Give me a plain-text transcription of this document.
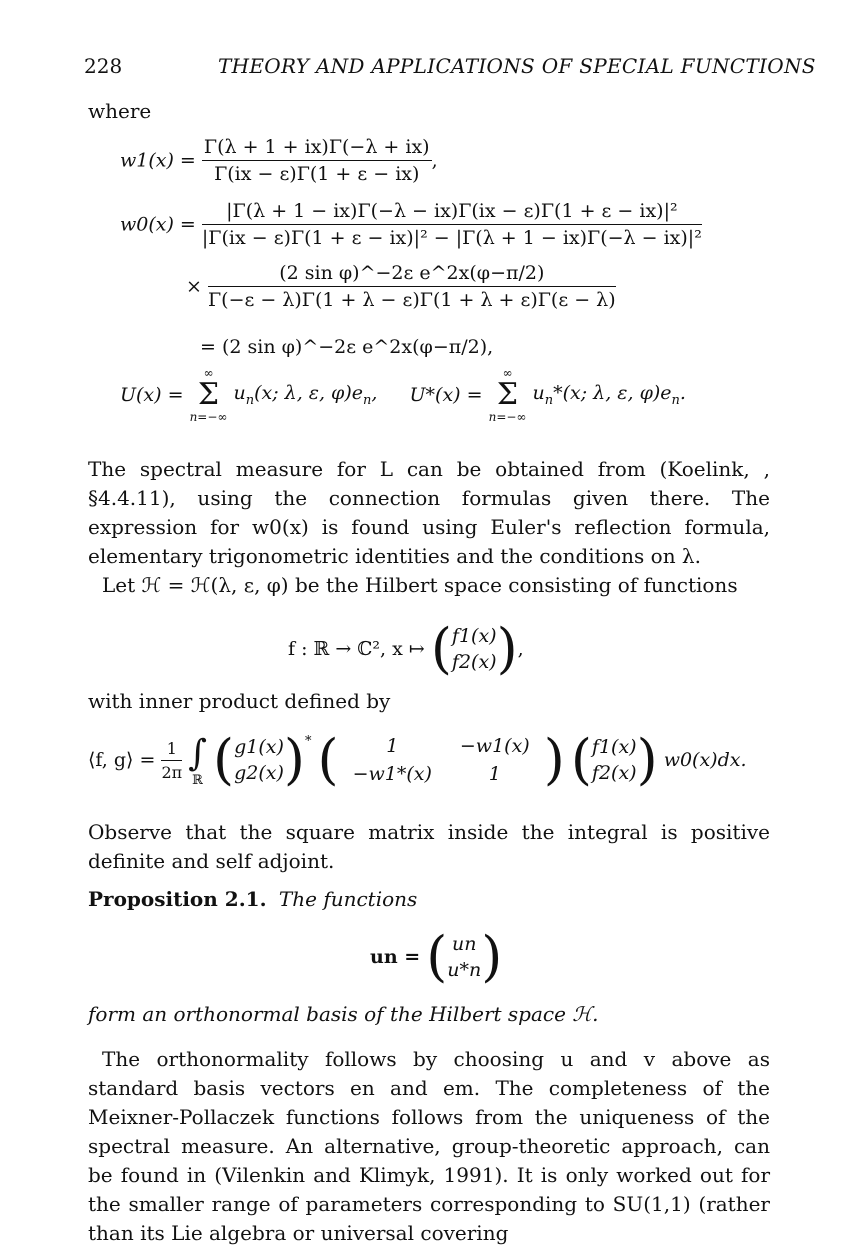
228	THEORY AND APPLICATIONS OF SPECIAL FUNCTIONS
where
$w1(x) = \frac{\Gamma(\lambda + 1 + ix)\Gamma(-\lambda + ix)}{\Gamma(ix - \varepsilon)\Gamma(1 + \varepsilon - ix)}$ ,
$w0(x) = \frac{\text{|Γ(λ + 1 − ix)Γ(−λ − ix)Γ(ix − ε)Γ(1 + ε − ix)|²}}{\text{|Γ(ix − ε)Γ(1 + ε − ix)|² − |Γ(λ + 1 − ix)Γ(−λ − ix)|²}}$
× $\frac{\text{(2 sin φ)\textasciicircum{}−2ε e\textasciicircum{}2x(φ−π/2)}}{\Gamma(-\varepsilon - \lambda)\Gamma(1 + \lambda - \varepsilon)\Gamma(1 + \lambda + \varepsilon)\Gamma(\varepsilon - \lambda)}$
= (2 sin φ)^−2ε e^2x(φ−π/2),
U(x) =
∞
Σ
n=−∞
$u_n(x$; λ, ε, $\varphi)e_n$, U*(x) =
∞
Σ
n=−∞
$u_n*(x$; λ, ε, $\varphi)e_n$.
The spectral measure for L can be obtained from (Koelink, , §4.4.11), using the connection formulas given there. The expression for w0(x) is found using Euler's reflection formula, elementary trigonometric identities and the conditions on λ.
Let ℋ = ℋ(λ, ε, φ) be the Hilbert space consisting of functions
f : ℝ → ℂ², x ↦ ( f1(x)
f2(x) ),
with inner product defined by
⟨f, g⟩ = $\frac{1}{2\pi}$
∫
ℝ ( g1(x)
g2(x) )* (	1	−w1(x)
−w1*(x)	1 ) ( f1(x)
f2(x) ) w0(x)dx.
Observe that the square matrix inside the integral is positive definite and self adjoint.
Proposition 2.1. The functions
un = ( un
u*n )
form an orthonormal basis of the Hilbert space ℋ.
The orthonormality follows by choosing u and v above as standard basis vectors en and em. The completeness of the Meixner-Pollaczek functions follows from the uniqueness of the spectral measure. An alternative, group-theoretic approach, can be found in (Vilenkin and Klimyk, 1991). It is only worked out for the smaller range of parameters corresponding to SU(1,1) (rather than its Lie algebra or universal covering
